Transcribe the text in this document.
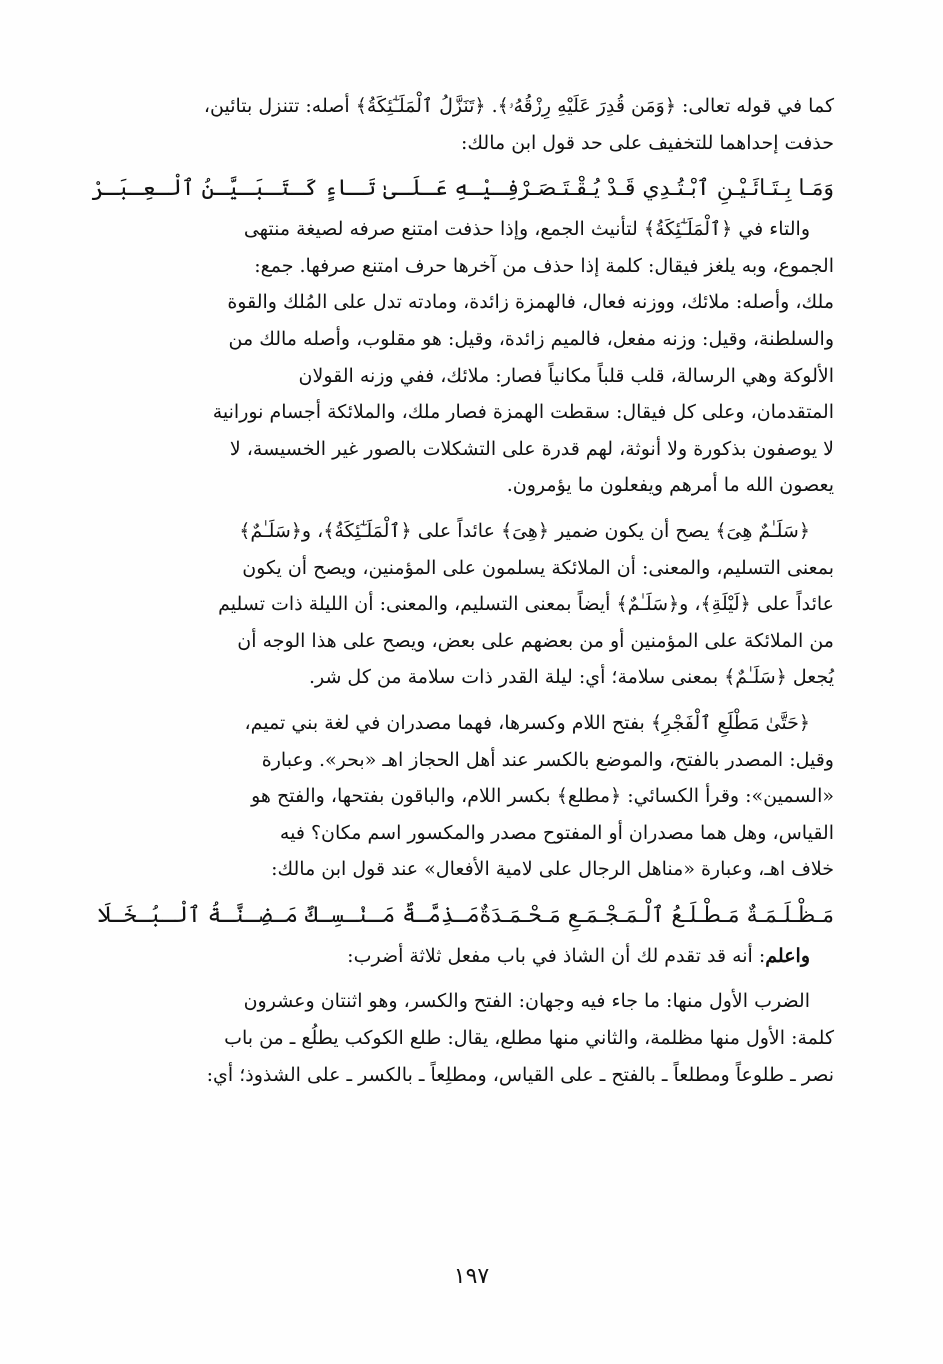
كما في قوله تعالى: ﴿وَمَن قُدِرَ عَلَيْهِ رِزْقُهُۥ﴾. ﴿تَنَزَّلُ ٱلْمَلَـٰٓئِكَةُ﴾ أصله: تتنزل بتائين،
حذفت إحداهما للتخفيف على حد قول ابن مالك:
وَمَـا بِـتَـائَـيْـنِ ٱبْـتُـدِي قَـدْ يُـقْـتَـصَـرْ
فِـيْـهِ عَـلَـىٰ تَـاءٍ كَـتَـبَـيَّـنُ ٱلْـعِـبَـرْ
والتاء في ﴿ٱلْمَلَـٰٓئِكَةُ﴾ لتأنيث الجمع، وإذا حذفت امتنع صرفه لصيغة منتهى
الجموع، وبه يلغز فيقال: كلمة إذا حذف من آخرها حرف امتنع صرفها. جمع:
ملك، وأصله: ملائك، ووزنه فعال، فالهمزة زائدة، ومادته تدل على المُلك والقوة
والسلطنة، وقيل: وزنه مفعل، فالميم زائدة، وقيل: هو مقلوب، وأصله مالك من
الألوكة وهي الرسالة، قلب قلباً مكانياً فصار: ملائك، ففي وزنه القولان
المتقدمان، وعلى كل فيقال: سقطت الهمزة فصار ملك، والملائكة أجسام نورانية
لا يوصفون بذكورة ولا أنوثة، لهم قدرة على التشكلات بالصور غير الخسيسة، لا
يعصون الله ما أمرهم ويفعلون ما يؤمرون.
﴿سَلَـٰمٌ هِىَ﴾ يصح أن يكون ضمير ﴿هِىَ﴾ عائداً على ﴿ٱلْمَلَـٰٓئِكَةُ﴾، و﴿سَلَـٰمٌ﴾
بمعنى التسليم، والمعنى: أن الملائكة يسلمون على المؤمنين، ويصح أن يكون
عائداً على ﴿لَيْلَةِ﴾، و﴿سَلَـٰمٌ﴾ أيضاً بمعنى التسليم، والمعنى: أن الليلة ذات تسليم
من الملائكة على المؤمنين أو من بعضهم على بعض، ويصح على هذا الوجه أن
يُجعل ﴿سَلَـٰمٌ﴾ بمعنى سلامة؛ أي: ليلة القدر ذات سلامة من كل شر.
﴿حَتَّىٰ مَطْلَعِ ٱلْفَجْرِ﴾ بفتح اللام وكسرها، فهما مصدران في لغة بني تميم،
وقيل: المصدر بالفتح، والموضع بالكسر عند أهل الحجاز اهـ «بحر». وعبارة
«السمين»: وقرأ الكسائي: ﴿مطلع﴾ بكسر اللام، والباقون بفتحها، والفتح هو
القياس، وهل هما مصدران أو المفتوح مصدر والمكسور اسم مكان؟ فيه
خلاف اهـ، وعبارة «مناهل الرجال على لامية الأفعال» عند قول ابن مالك:
مَـظْـلَـمَـةٌ مَـطْـلَـعُ ٱلْـمَـجْـمَـعِ مَـحْـمَـدَةٌ
مَـذِمَّـةٌ مَـنْـسِـكٌ مَـضِـنَّـةُ ٱلْـبُـخَـلَا
واعلم: أنه قد تقدم لك أن الشاذ في باب مفعل ثلاثة أضرب:
الضرب الأول منها: ما جاء فيه وجهان: الفتح والكسر، وهو اثنتان وعشرون
كلمة: الأول منها مظلمة، والثاني منها مطلع، يقال: طلع الكوكب يطلُع ـ من باب
نصر ـ طلوعاً ومطلعاً ـ بالفتح ـ على القياس، ومطلِعاً ـ بالكسر ـ على الشذوذ؛ أي:
١٩٧
